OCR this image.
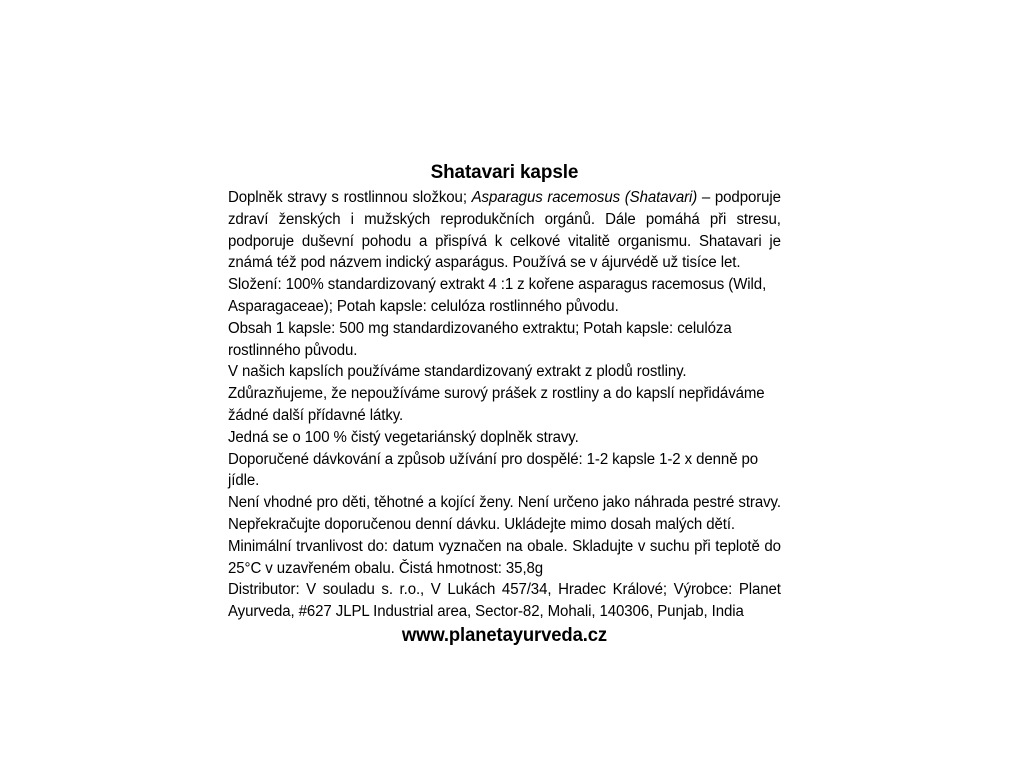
Shatavari kapsle

Doplněk stravy s rostlinnou složkou; Asparagus racemosus (Shatavari) – podporuje zdraví ženských i mužských reprodukčních orgánů. Dále pomáhá při stresu, podporuje duševní pohodu a přispívá k celkové vitalitě organismu. Shatavari je známá též pod názvem indický asparágus. Používá se v ájurvédě už tisíce let.

Složení: 100% standardizovaný extrakt 4 :1 z kořene asparagus racemosus (Wild, Asparagaceae); Potah kapsle: celulóza rostlinného původu.

Obsah 1 kapsle: 500 mg standardizovaného extraktu; Potah kapsle: celulóza rostlinného původu.

V našich kapslích používáme standardizovaný extrakt z plodů rostliny. Zdůrazňujeme, že nepoužíváme surový prášek z rostliny a do kapslí nepřidáváme žádné další přídavné látky.

Jedná se o 100 % čistý vegetariánský doplněk stravy.

Doporučené dávkování a způsob užívání pro dospělé: 1-2 kapsle 1-2 x denně po jídle.

Není vhodné pro děti, těhotné a kojící ženy. Není určeno jako náhrada pestré stravy. Nepřekračujte doporučenou denní dávku. Ukládejte mimo dosah malých dětí.

Minimální trvanlivost do: datum vyznačen na obale. Skladujte v suchu při teplotě do 25°C v uzavřeném obalu. Čistá hmotnost: 35,8g

Distributor: V souladu s. r.o., V Lukách 457/34, Hradec Králové; Výrobce: Planet Ayurveda, #627 JLPL Industrial area, Sector-82, Mohali, 140306, Punjab, India

www.planetayurveda.cz
